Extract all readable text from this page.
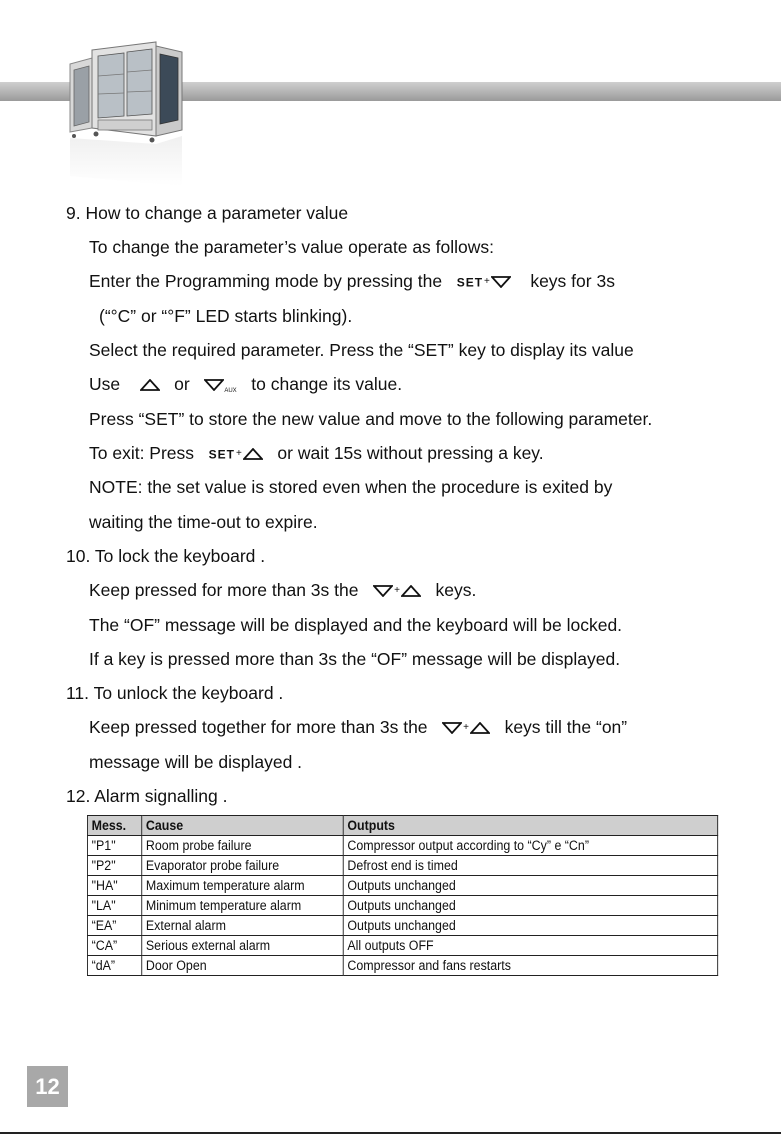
9. How to change a parameter value
To change the parameter’s value operate as follows:
Enter the Programming mode by pressing the SET+ keys for 3s
(“°C” or “°F” LED starts blinking).
Select the required parameter. Press the “SET” key to display its value
Use	or	AUX to change its value.
Press “SET” to store the new value and move to the following parameter.
To exit: Press SET+ or wait 15s without pressing a key.
NOTE: the set value is stored even when the procedure is exited by
waiting the time-out to expire.
10. To lock the keyboard .
Keep pressed for more than 3s the	+ keys.
The “OF” message will be displayed and the keyboard will be locked.
If a key is pressed more than 3s the “OF” message will be displayed.
11. To unlock the keyboard .
Keep pressed together for more than 3s the	+ keys till the “on”
message will be displayed .
12. Alarm signalling .
Mess.	Cause	Outputs
"P1"	Room probe failure	Compressor output according to “Cy” e “Cn”
"P2"	Evaporator probe failure	Defrost end is timed
"HA"	Maximum temperature alarm	Outputs unchanged
"LA"	Minimum temperature alarm	Outputs unchanged
“EA”	External alarm	Outputs unchanged
“CA”	Serious external alarm	All outputs OFF
“dA”	Door Open	Compressor and fans restarts
12
